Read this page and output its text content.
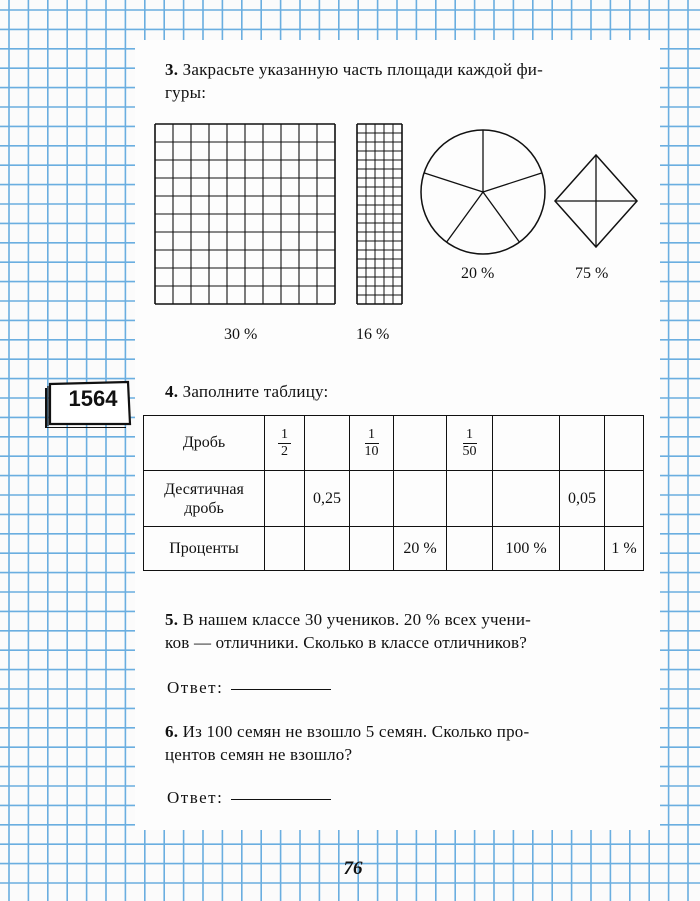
3. Закрасьте указанную часть площади каждой фи-
гуры:
30 %	16 %
20 %	75 %
1564	4. Заполните таблицу:
Дробь	$\frac{1}{2}$		$\frac{1}{10}$		$\frac{1}{50}$

Десятичная дробь		0,25					0,05	
Проценты				20 %		100 %		1 %
5. В нашем классе 30 учеников. 20 % всех учени-
ков — отличники. Сколько в классе отличников?
Ответ:
6. Из 100 семян не взошло 5 семян. Сколько про-
центов семян не взошло?
Ответ:
76
